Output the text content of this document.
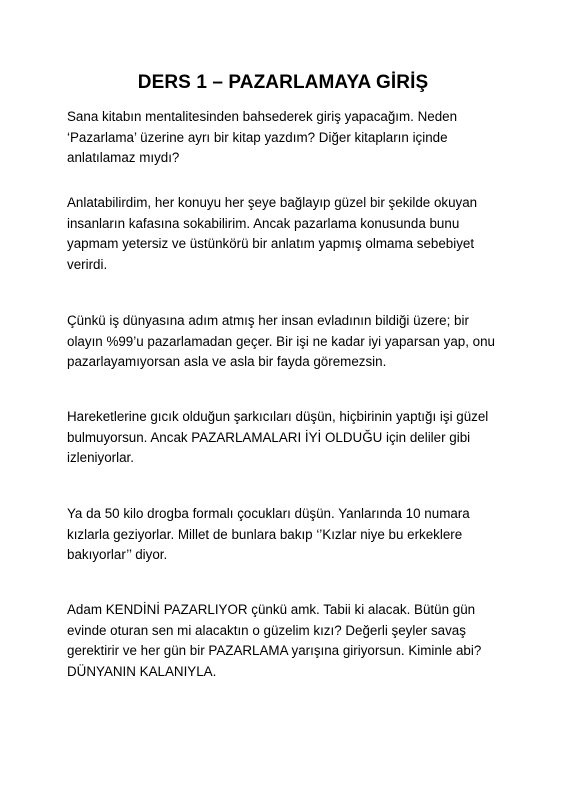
DERS 1 – PAZARLAMAYA GİRİŞ

Sana kitabın mentalitesinden bahsederek giriş yapacağım. Neden ‘Pazarlama’ üzerine ayrı bir kitap yazdım? Diğer kitapların içinde anlatılamaz mıydı?

Anlatabilirdim, her konuyu her şeye bağlayıp güzel bir şekilde okuyan insanların kafasına sokabilirim. Ancak pazarlama konusunda bunu yapmam yetersiz ve üstünkörü bir anlatım yapmış olmama sebebiyet verirdi.

Çünkü iş dünyasına adım atmış her insan evladının bildiği üzere; bir olayın %99’u pazarlamadan geçer. Bir işi ne kadar iyi yaparsan yap, onu pazarlayamıyorsan asla ve asla bir fayda göremezsin.

Hareketlerine gıcık olduğun şarkıcıları düşün, hiçbirinin yaptığı işi güzel bulmuyorsun. Ancak PAZARLAMALARI İYİ OLDUĞU için deliler gibi izleniyorlar.

Ya da 50 kilo drogba formalı çocukları düşün. Yanlarında 10 numara kızlarla geziyorlar. Millet de bunlara bakıp ‘’Kızlar niye bu erkeklere bakıyorlar’’ diyor.

Adam KENDİNİ PAZARLIYOR çünkü amk. Tabii ki alacak. Bütün gün evinde oturan sen mi alacaktın o güzelim kızı? Değerli şeyler savaş gerektirir ve her gün bir PAZARLAMA yarışına giriyorsun. Kiminle abi? DÜNYANIN KALANIYLA.
